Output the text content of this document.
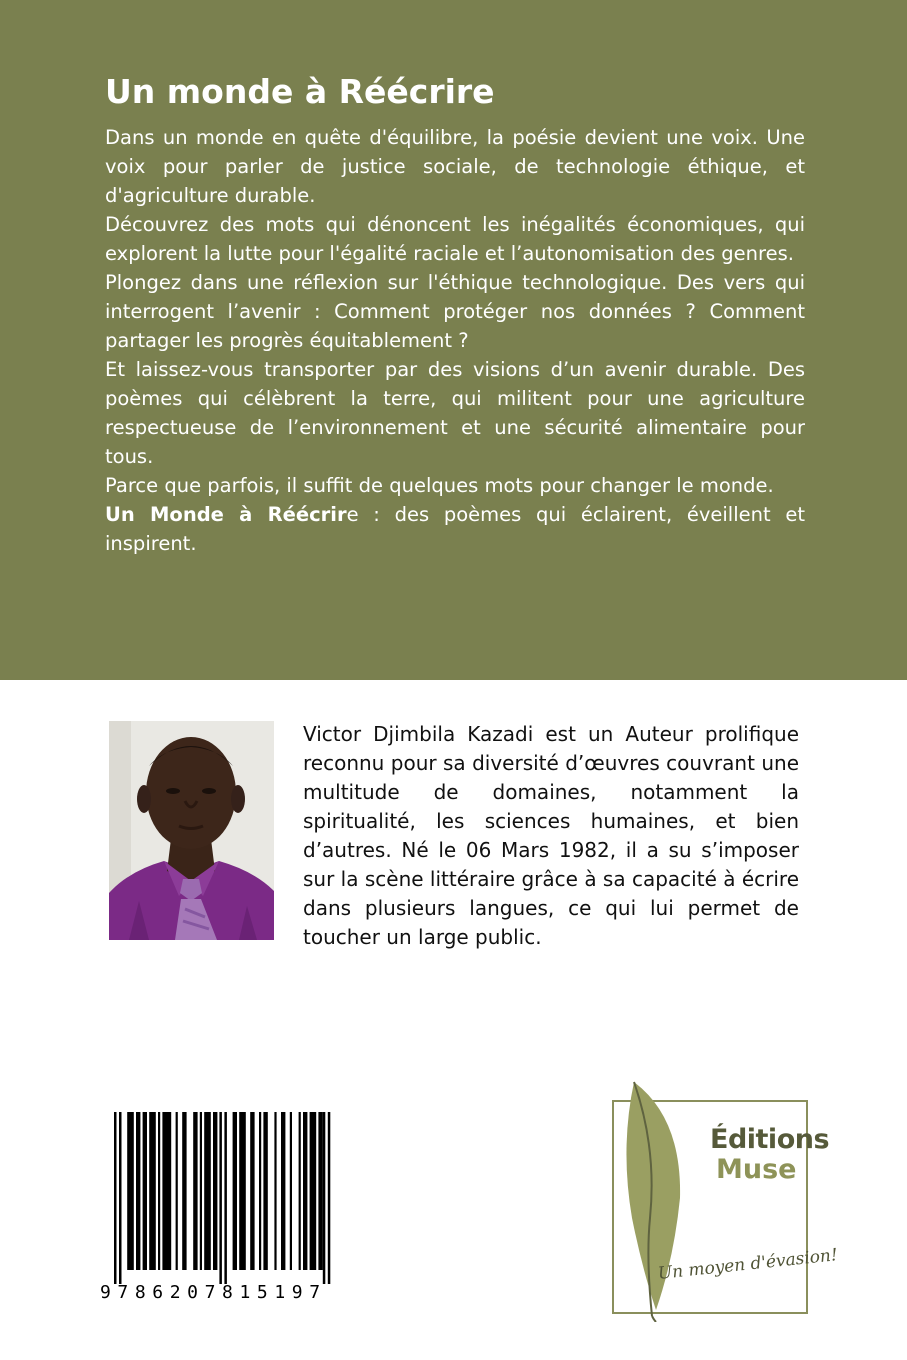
Un monde à Réécrire

Dans un monde en quête d'équilibre, la poésie devient une voix. Une voix pour parler de justice sociale, de technologie éthique, et d'agriculture durable.

Découvrez des mots qui dénoncent les inégalités économiques, qui explorent la lutte pour l'égalité raciale et l’autonomisation des genres.

Plongez dans une réflexion sur l'éthique technologique. Des vers qui interrogent l’avenir : Comment protéger nos données ? Comment partager les progrès équitablement ?

Et laissez-vous transporter par des visions d’un avenir durable. Des poèmes qui célèbrent la terre, qui militent pour une agriculture respectueuse de l’environnement et une sécurité alimentaire pour tous.

Parce que parfois, il suffit de quelques mots pour changer le monde.

Un Monde à Réécrire : des poèmes qui éclairent, éveillent et inspirent.

Victor Djimbila Kazadi est un Auteur prolifique reconnu pour sa diversité d’œuvres couvrant une multitude de domaines, notamment la spiritualité, les sciences humaines, et bien d’autres. Né le 06 Mars 1982, il a su s’imposer sur la scène littéraire grâce à sa capacité à écrire dans plusieurs langues, ce qui lui permet de toucher un large public.

9786207815197
Éditions
Muse
Un moyen d'évasion!
